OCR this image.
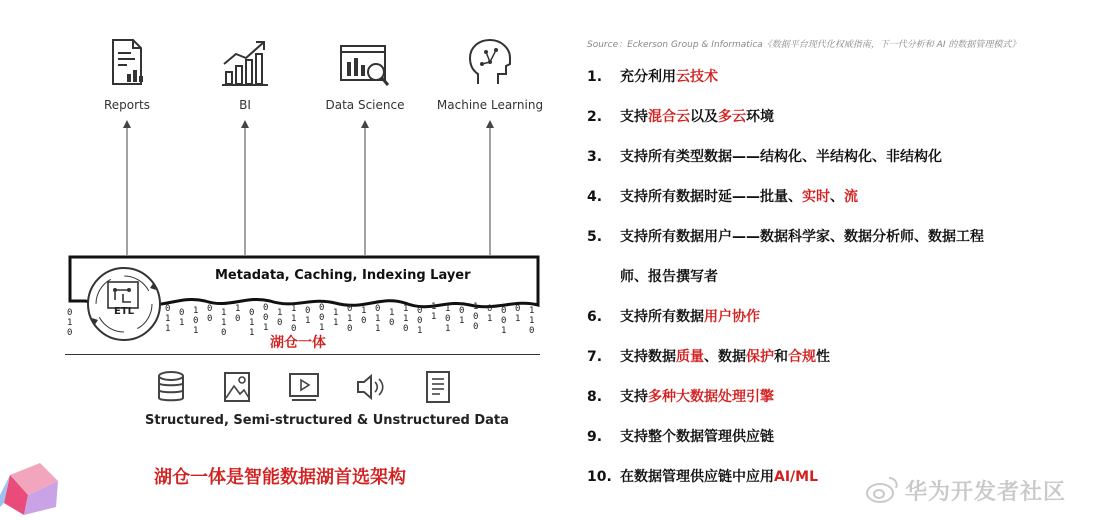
Reports	BI	Data Science	Machine Learning
0
1
0
0
1
1
0
1
1
0
1
0
0
1
1
0
1
0
0
1
1
0
0
1
1
0
1
1
0
0
1
0
0
1
1
1
0
1
0
1
0
0
1
1
1
0
1
1
0
0
0
1
1
1
1
0
1
0
1
1
0
0
0
1
0
0
1
0
1
1
1
0
Metadata, Caching, Indexing Layer
ETL
湖仓一体
Structured, Semi-structured & Unstructured Data
湖仓一体是智能数据湖首选架构
Source：Eckerson Group & Informatica《数据平台现代化权威指南，下一代分析和 AI 的数据管理模式》
1. 充分利用云技术
2. 支持混合云以及多云环境
3. 支持所有类型数据——结构化、半结构化、非结构化
4. 支持所有数据时延——批量、实时、流
5. 支持所有数据用户——数据科学家、数据分析师、数据工程
师、报告撰写者
6. 支持所有数据用户协作
7. 支持数据质量、数据保护和合规性
8. 支持多种大数据处理引擎
9. 支持整个数据管理供应链
10. 在数据管理供应链中应用AI/ML
华为开发者社区
